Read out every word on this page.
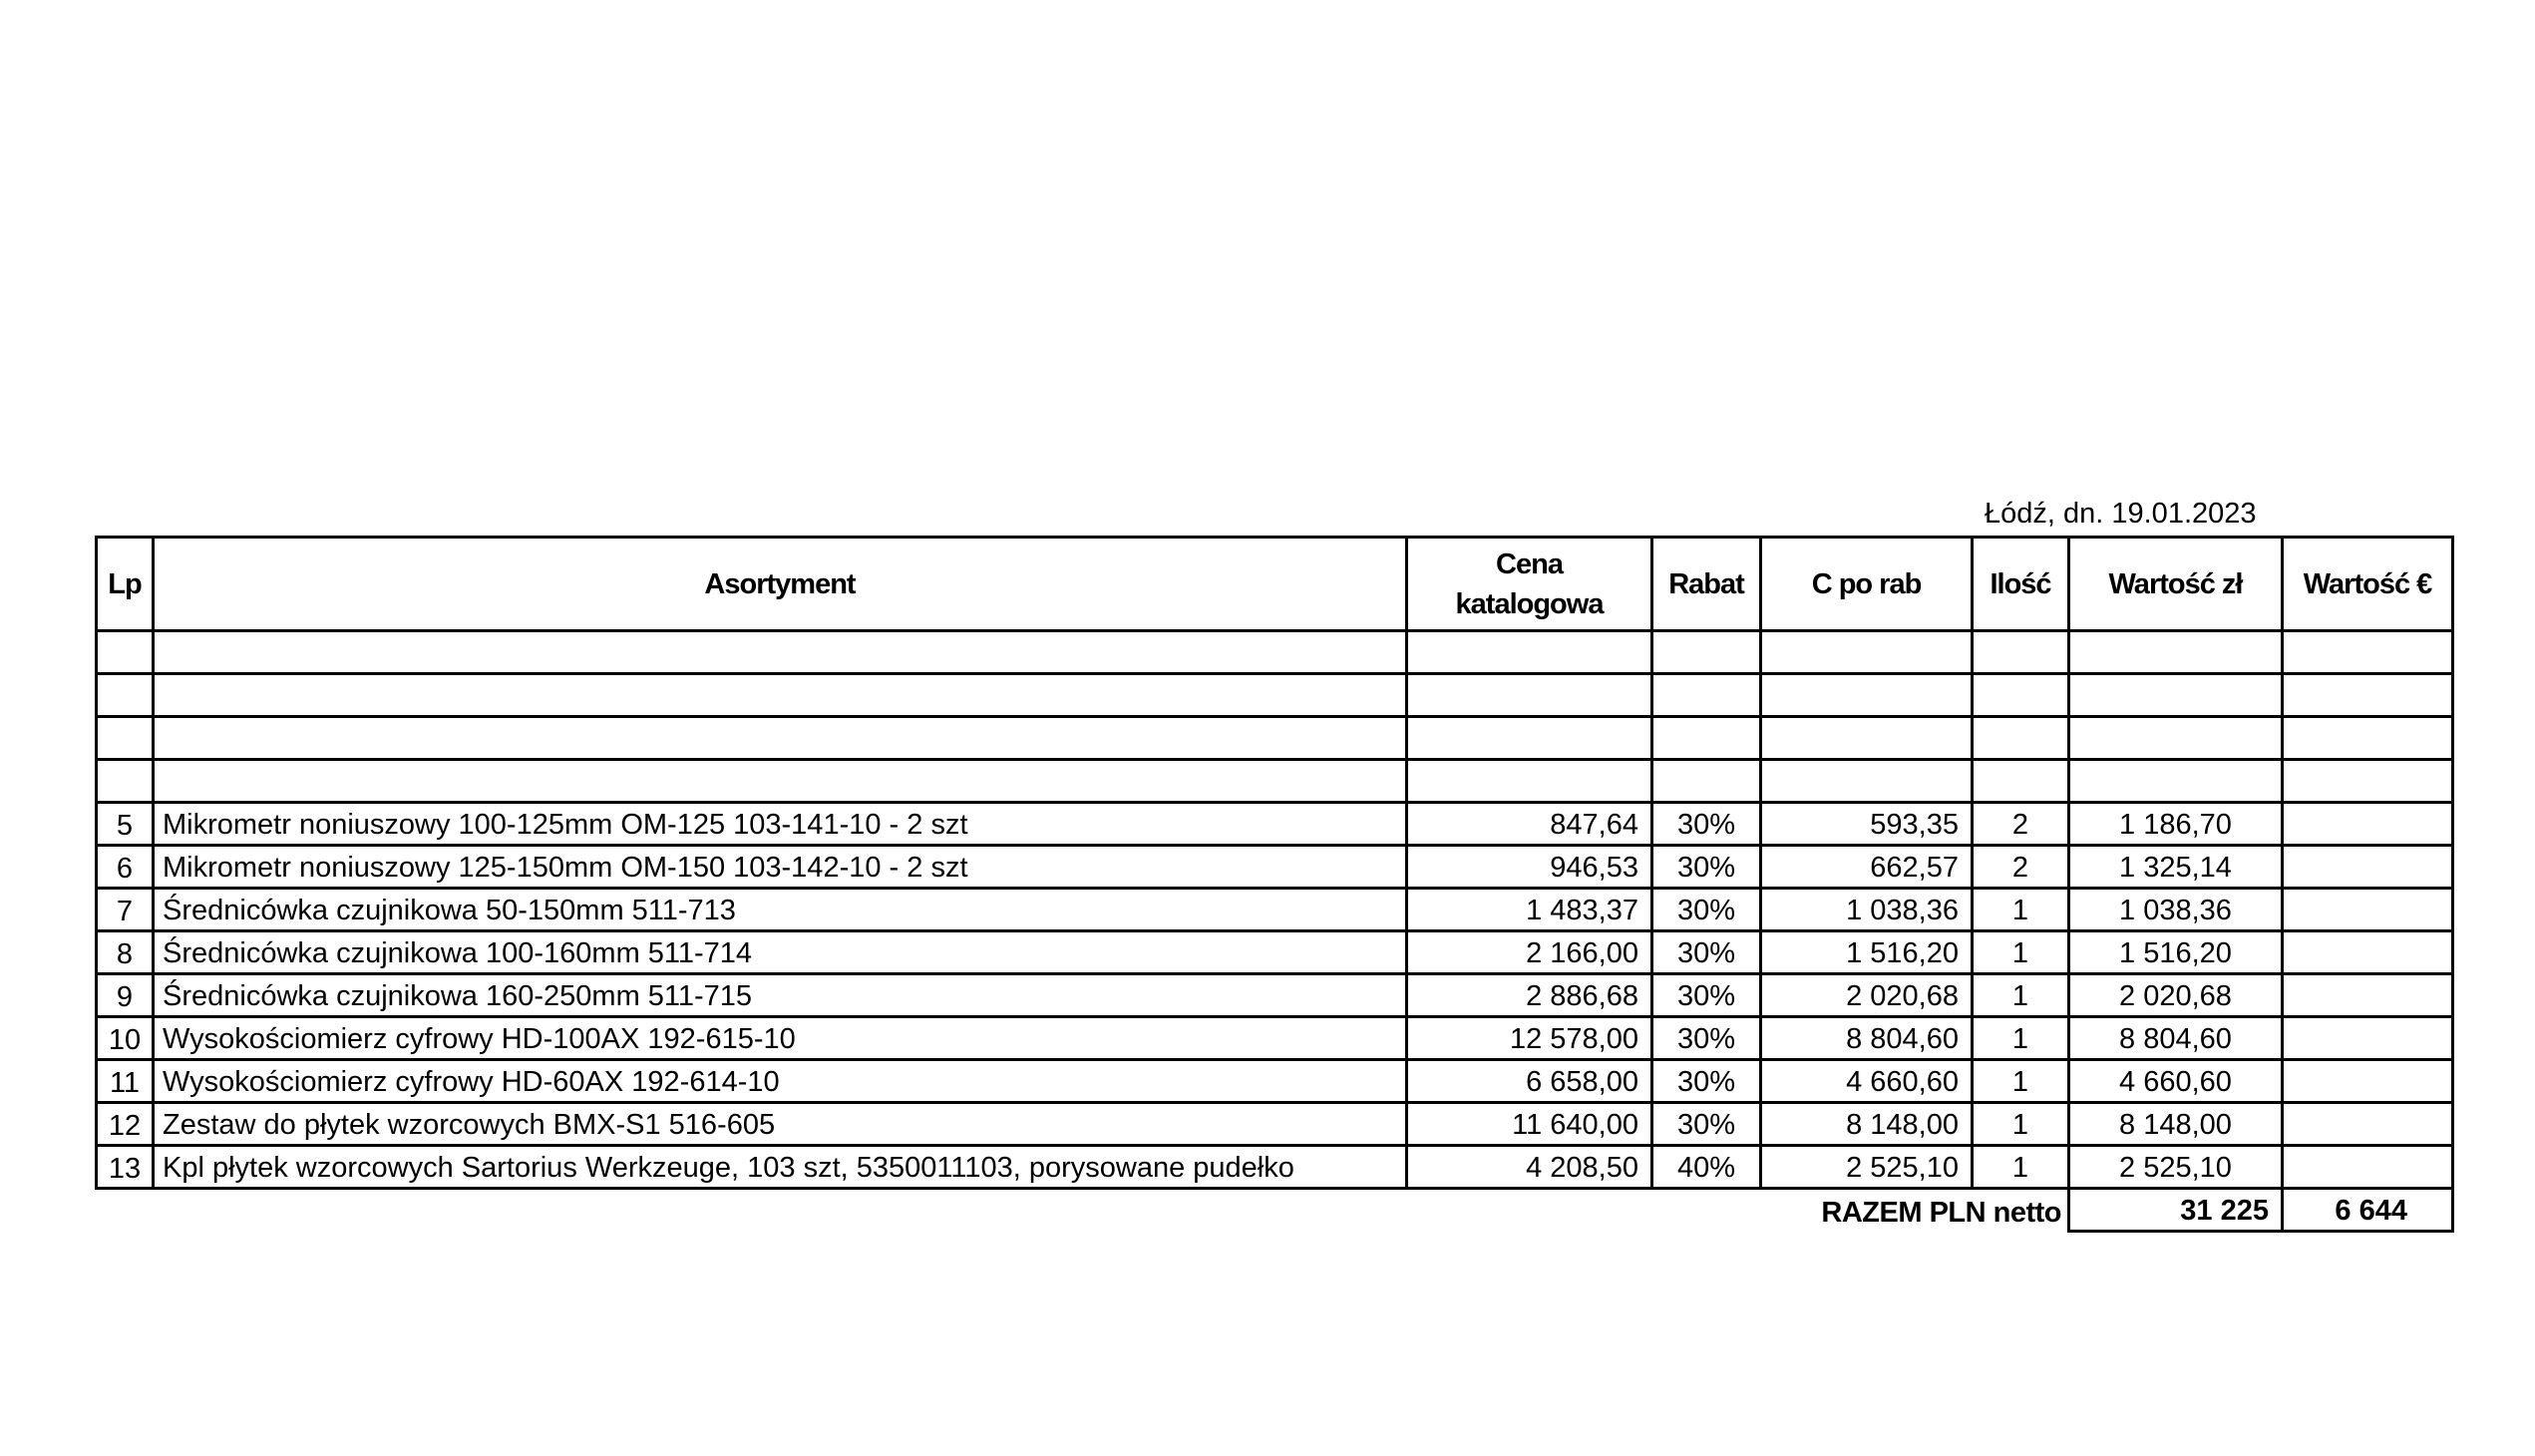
Łódź, dn. 19.01.2023
Lp	Asortyment	Cena
katalogowa	Rabat	C po rab	Ilość	Wartość zł	Wartość €

5	Mikrometr noniuszowy 100-125mm OM-125 103-141-10 - 2 szt	847,64	30%	593,35	2	1 186,70	
6	Mikrometr noniuszowy 125-150mm OM-150 103-142-10 - 2 szt	946,53	30%	662,57	2	1 325,14	
7	Średnicówka czujnikowa 50-150mm 511-713	1 483,37	30%	1 038,36	1	1 038,36	
8	Średnicówka czujnikowa 100-160mm 511-714	2 166,00	30%	1 516,20	1	1 516,20	
9	Średnicówka czujnikowa 160-250mm 511-715	2 886,68	30%	2 020,68	1	2 020,68	
10	Wysokościomierz cyfrowy HD-100AX 192-615-10	12 578,00	30%	8 804,60	1	8 804,60	
11	Wysokościomierz cyfrowy HD-60AX 192-614-10	6 658,00	30%	4 660,60	1	4 660,60	
12	Zestaw do płytek wzorcowych BMX-S1 516-605	11 640,00	30%	8 148,00	1	8 148,00	
13	Kpl płytek wzorcowych Sartorius Werkzeuge, 103 szt, 5350011103, porysowane pudełko	4 208,50	40%	2 525,10	1	2 525,10	
			RAZEM PLN netto			31 225	6 644
